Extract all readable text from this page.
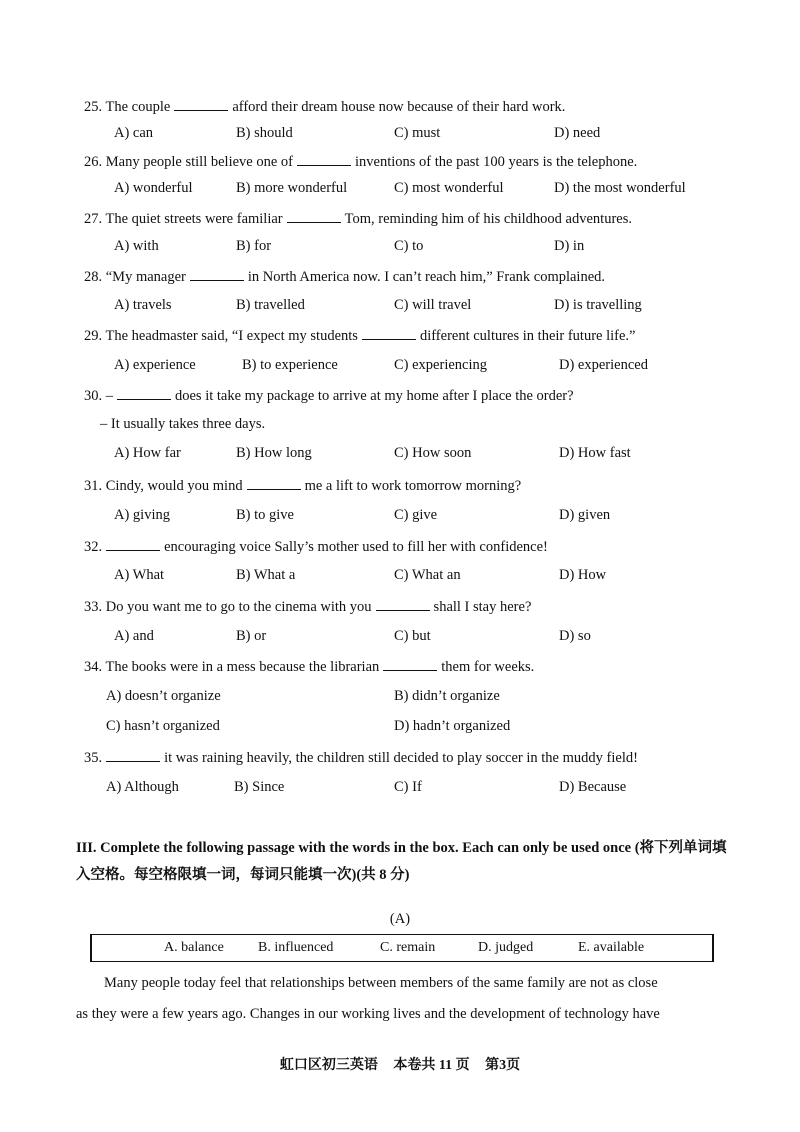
25. The couple	afford their dream house now because of their hard work.
A) can	B) should	C) must	D) need
26. Many people still believe one of	inventions of the past 100 years is the telephone.
A) wonderful	B) more wonderful	C) most wonderful	D) the most wonderful
27. The quiet streets were familiar	Tom, reminding him of his childhood adventures.
A) with	B) for	C) to	D) in
28. “My manager	in North America now. I can’t reach him,” Frank complained.
A) travels	B) travelled	C) will travel	D) is travelling
29. The headmaster said, “I expect my students	different cultures in their future life.”
A) experience	B) to experience	C) experiencing	D) experienced
30. –	does it take my package to arrive at my home after I place the order?
– It usually takes three days.
A) How far	B) How long	C) How soon	D) How fast
31. Cindy, would you mind	me a lift to work tomorrow morning?
A) giving	B) to give	C) give	D) given
32.	encouraging voice Sally’s mother used to fill her with confidence!
A) What	B) What a	C) What an	D) How
33. Do you want me to go to the cinema with you	shall I stay here?
A) and	B) or	C) but	D) so
34. The books were in a mess because the librarian	them for weeks.
A) doesn’t organize	B) didn’t organize
C) hasn’t organized	D) hadn’t organized
35.	it was raining heavily, the children still decided to play soccer in the muddy field!
A) Although	B) Since	C) If	D) Because
III. Complete the following passage with the words in the box. Each can only be used once (将下列单词填入空格。每空格限填一词，每词只能填一次)(共 8 分)
(A)
A. balance B. influenced	C. remain	D. judged	E. available
Many people today feel that relationships between members of the same family are not as close
as they were a few years ago. Changes in our working lives and the development of technology have
虹口区初三英语 本卷共 11 页 第3页
